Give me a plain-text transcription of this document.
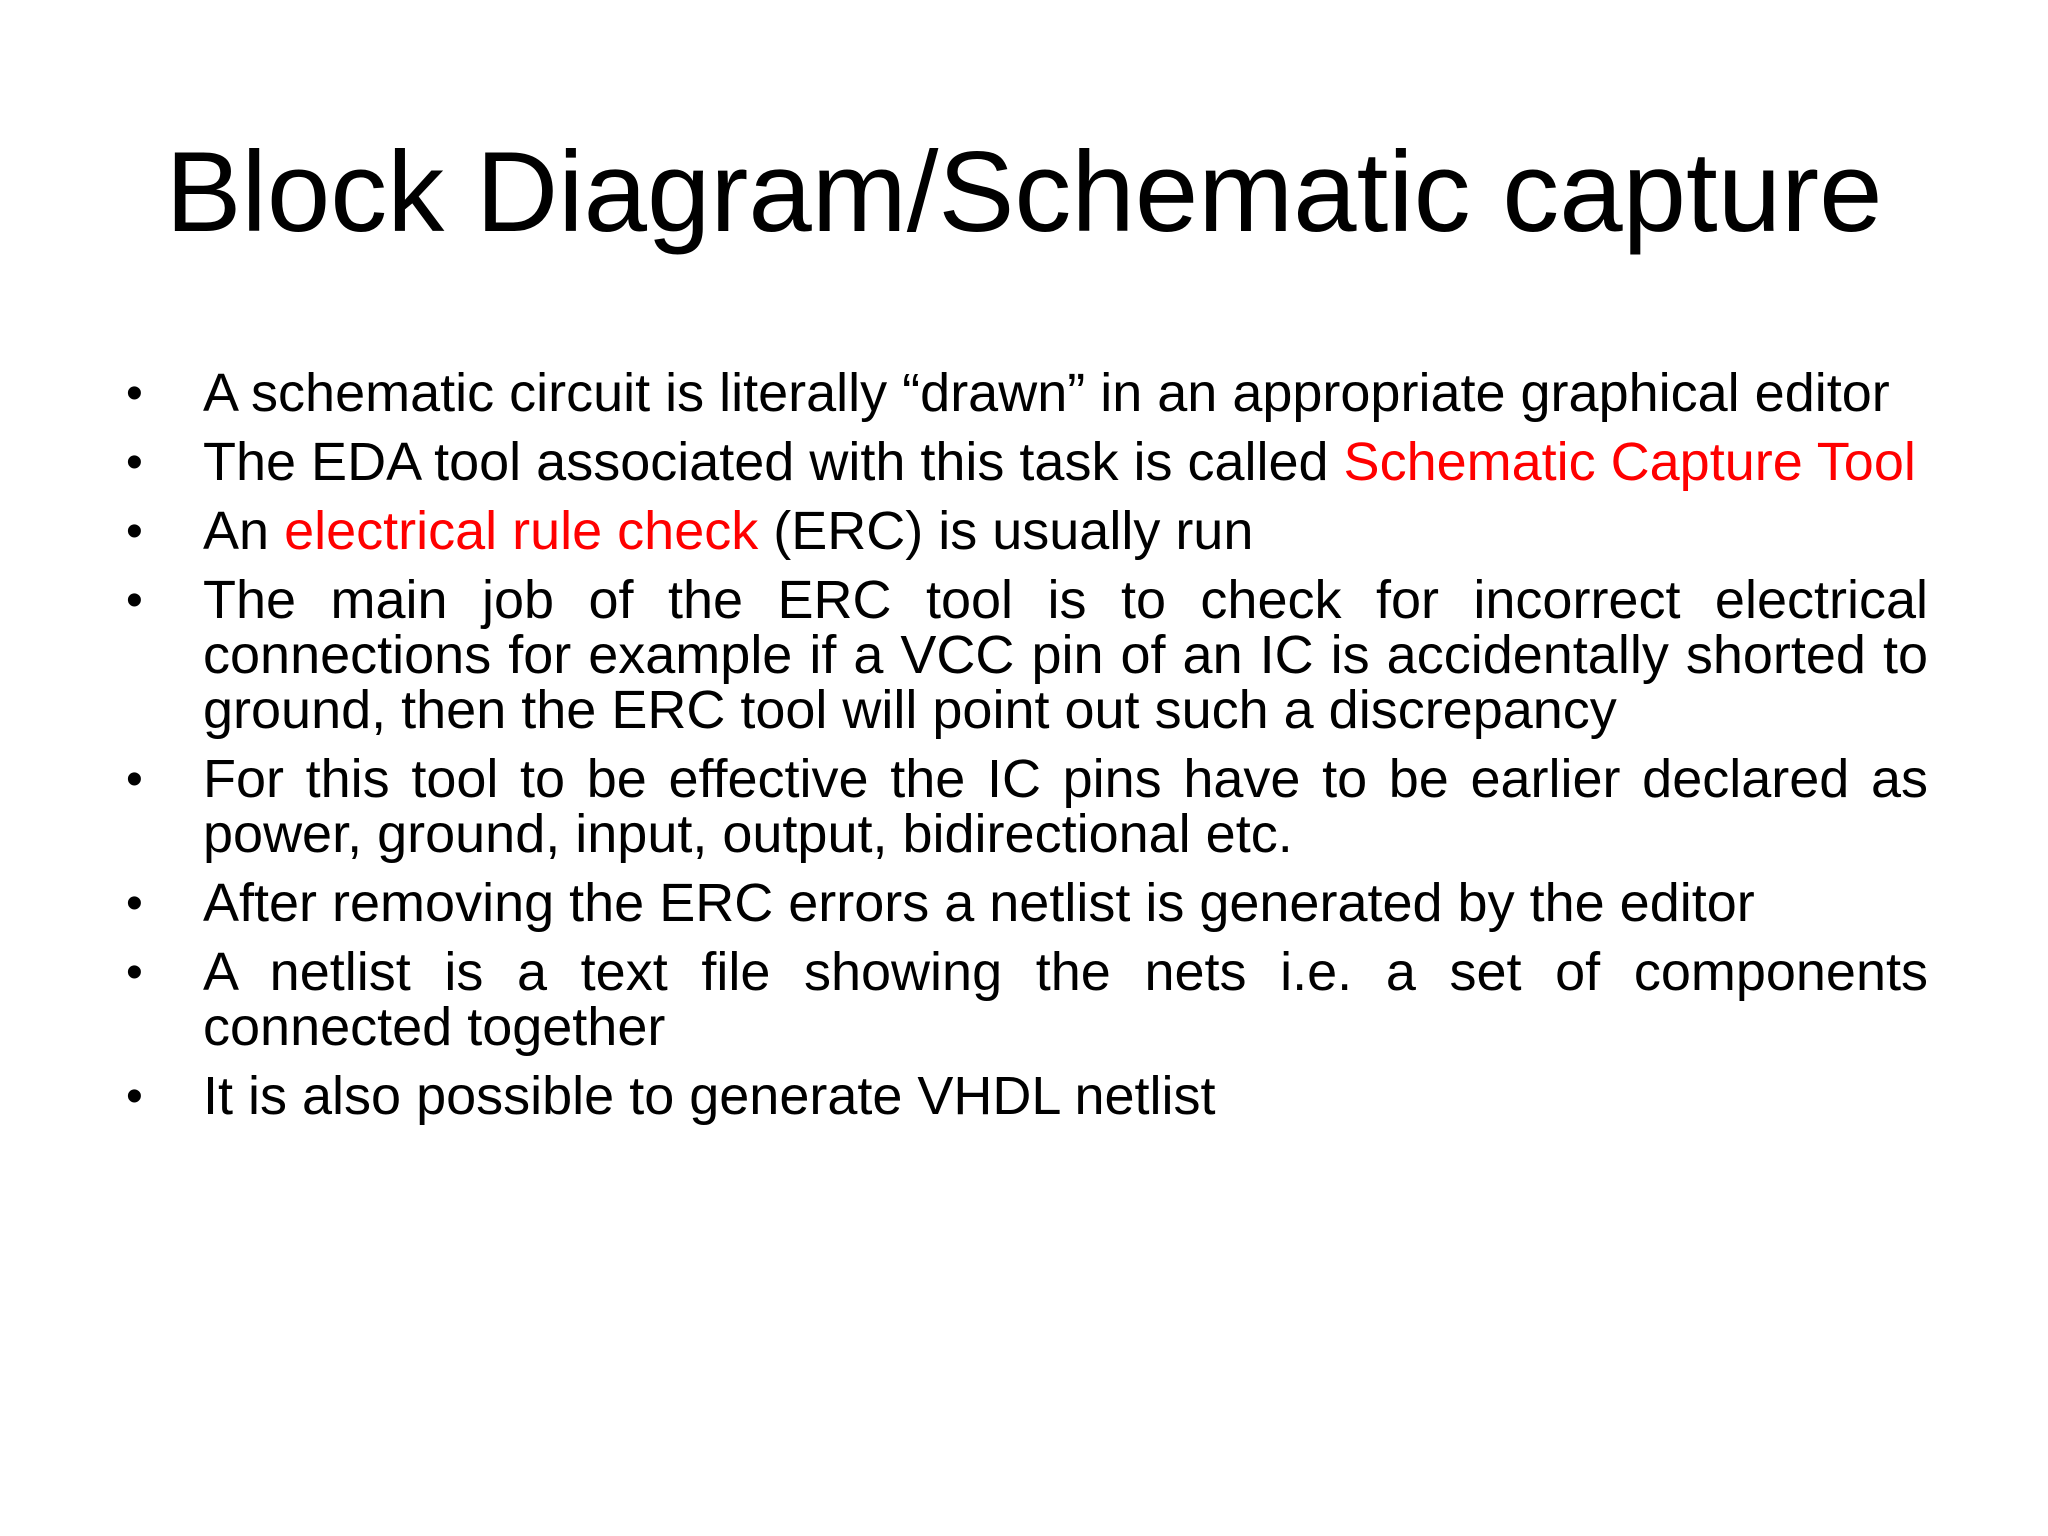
Block Diagram/Schematic capture
• A schematic circuit is literally “drawn” in an appropriate graphical editor
• The EDA tool associated with this task is called Schematic Capture Tool
• An electrical rule check (ERC) is usually run
• The main job of the ERC tool is to check for incorrect electrical connections for example if a VCC pin of an IC is accidentally shorted to ground, then the ERC tool will point out such a discrepancy
• For this tool to be effective the IC pins have to be earlier declared as power, ground, input, output, bidirectional etc.
• After removing the ERC errors a netlist is generated by the editor
• A netlist is a text file showing the nets i.e. a set of components connected together
• It is also possible to generate VHDL netlist
